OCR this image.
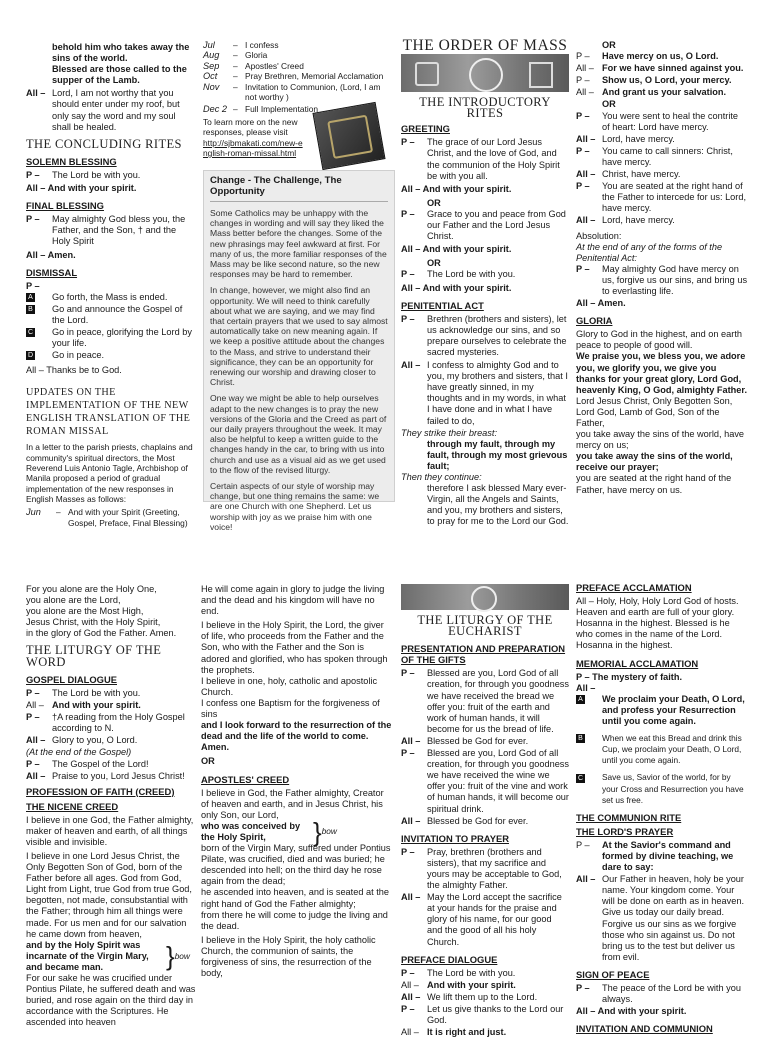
behold him who takes away the sins of the world.

Blessed are those called to the supper of the Lamb.

All – Lord, I am not worthy that you should enter under my roof, but only say the word and my soul shall be healed.
THE CONCLUDING RITES
SOLEMN BLESSING
P –	The Lord be with you.

All – And with your spirit.

FINAL BLESSING
P –	May almighty God bless you, the Father, and the Son, † and the Holy Spirit

All – Amen.

DISMISSAL

P –

A	Go forth, the Mass is ended.
B	Go and announce the Gospel of the Lord.
C	Go in peace, glorifying the Lord by your life.
D	Go in peace.

All – Thanks be to God.

UPDATES ON THE IMPLEMENTATION OF THE NEW ENGLISH TRANSLATION OF THE ROMAN MISSAL

In a letter to the parish priests, chaplains and community's spiritual directors, the Most Reverend Luis Antonio Tagle, Archbishop of Manila proposed a period of gradual implementation of the new responses in English Masses as follows:

Jun	– And with your Spirit (Greeting, Gospel, Preface, Final Blessing)
Jul	– I confess
Aug	– Gloria
Sep	– Apostles' Creed
Oct	– Pray Brethren, Memorial Acclamation
Nov	– Invitation to Communion, (Lord, I am not worthy )
Dec 2 – Full Implementation

To learn more on the new responses, please visit

http://sjbmakati.com/new-english-roman-missal.html

Change - The Challenge, The Opportunity

Some Catholics may be unhappy with the changes in wording and will say they liked the Mass better before the changes. Some of the new phrasings may feel awkward at first. For many of us, the more familiar responses of the Mass may be like second nature, so the new responses may be hard to remember.

In change, however, we might also find an opportunity. We will need to think carefully about what we are saying, and we may find that certain prayers that we used to say almost automatically take on new meaning again. If we keep a positive attitude about the changes to the Mass, and strive to understand their significance, they can be an opportunity for renewing our worship and drawing closer to Christ.

One way we might be able to help ourselves adapt to the new changes is to pray the new versions of the Gloria and the Creed as part of our daily prayers throughout the week. It may also be helpful to keep a written guide to the changes handy in the car, to bring with us into church and use as a visual aid as we get used to the flow of the revised liturgy.

Certain aspects of our style of worship may change, but one thing remains the same: we are one Church with one Shepherd. Let us worship with joy as we praise him with one voice!

THE ORDER OF MASS
THE INTRODUCTORY RITES
GREETING
P –	The grace of our Lord Jesus Christ, and the love of God, and the communion of the Holy Spirit be with you all.

All – And with your spirit.

OR

P –	Grace to you and peace from God our Father and the Lord Jesus Christ.

All – And with your spirit.

OR

P –	The Lord be with you.

All – And with your spirit.

PENITENTIAL ACT
P –	Brethren (brothers and sisters), let us acknowledge our sins, and so prepare ourselves to celebrate the sacred mysteries.
All – I confess to almighty God and to you, my brothers and sisters, that I have greatly sinned, in my thoughts and in my words, in what I have done and in what I have failed to do,

They strike their breast:

through my fault, through my fault, through my most grievous fault;

Then they continue:

therefore I ask blessed Mary ever-Virgin, all the Angels and Saints, and you, my brothers and sisters, to pray for me to the Lord our God.

OR

P –	Have mercy on us, O Lord.
All – For we have sinned against you.
P –	Show us, O Lord, your mercy.
All – And grant us your salvation.

OR

P –	You were sent to heal the contrite of heart: Lord have mercy.
All – Lord, have mercy.
P –	You came to call sinners: Christ, have mercy.
All – Christ, have mercy.
P –	You are seated at the right hand of the Father to intercede for us: Lord, have mercy.
All – Lord, have mercy.

Absolution:

At the end of any of the forms of the Penitential Act:

P –	May almighty God have mercy on us, forgive us our sins, and bring us to everlasting life.

All – Amen.

GLORIA

Glory to God in the highest, and on earth peace to people of good will.

We praise you, we bless you, we adore you, we glorify you, we give you thanks for your great glory, Lord God, heavenly King, O God, almighty Father.

Lord Jesus Christ, Only Begotten Son, Lord God, Lamb of God, Son of the Father,

you take away the sins of the world, have mercy on us;

you take away the sins of the world, receive our prayer;

you are seated at the right hand of the Father, have mercy on us.

For you alone are the Holy One,

you alone are the Lord,

you alone are the Most High,

Jesus Christ, with the Holy Spirit,

in the glory of God the Father. Amen.

THE LITURGY OF THE WORD
GOSPEL DIALOGUE
P –	The Lord be with you.
All – And with your spirit.
P –	†A reading from the Holy Gospel according to N.
All – Glory to you, O Lord.
(At the end of the Gospel)
P –	The Gospel of the Lord!
All – Praise to you, Lord Jesus Christ!
PROFESSION OF FAITH (CREED)
THE NICENE CREED

I believe in one God, the Father almighty, maker of heaven and earth, of all things visible and invisible.

I believe in one Lord Jesus Christ, the Only Begotten Son of God, born of the Father before all ages. God from God, Light from Light, true God from true God, begotten, not made, consubstantial with the Father; through him all things were made. For us men and for our salvation he came down from heaven,

and by the Holy Spirit was incarnate of the Virgin Mary, and became man.	} bow

For our sake he was crucified under Pontius Pilate, he suffered death and was buried, and rose again on the third day in accordance with the Scriptures. He ascended into heaven

He will come again in glory to judge the living and the dead and his kingdom will have no end.

I believe in the Holy Spirit, the Lord, the giver of life, who proceeds from the Father and the Son, who with the Father and the Son is adored and glorified, who has spoken through the prophets.

I believe in one, holy, catholic and apostolic Church.

I confess one Baptism for the forgiveness of sins

and I look forward to the resurrection of the dead and the life of the world to come. Amen.

OR

APOSTLES' CREED

I believe in God, the Father almighty, Creator of heaven and earth, and in Jesus Christ, his only Son, our Lord,

who was conceived by the Holy Spirit,	} bow

born of the Virgin Mary, suffered under Pontius Pilate, was crucified, died and was buried; he descended into hell; on the third day he rose again from the dead;

he ascended into heaven, and is seated at the right hand of God the Father almighty;

from there he will come to judge the living and the dead.

I believe in the Holy Spirit, the holy catholic Church, the communion of saints, the forgiveness of sins, the resurrection of the body,

THE LITURGY OF THE EUCHARIST
PRESENTATION AND PREPARATION OF THE GIFTS
P –	Blessed are you, Lord God of all creation, for through you goodness we have received the bread we offer you: fruit of the earth and work of human hands, it will become for us the bread of life.
All – Blessed be God for ever.
P –	Blessed are you, Lord God of all creation, for through you goodness we have received the wine we offer you: fruit of the vine and work of human hands, it will become our spiritual drink.
All – Blessed be God for ever.
INVITATION TO PRAYER
P –	Pray, brethren (brothers and sisters), that my sacrifice and yours may be acceptable to God, the almighty Father.
All – May the Lord accept the sacrifice at your hands for the praise and glory of his name, for our good and the good of all his holy Church.
PREFACE DIALOGUE
P –	The Lord be with you.
All – And with your spirit.
All – We lift them up to the Lord.
P –	Let us give thanks to the Lord our God.
All – It is right and just.
PREFACE ACCLAMATION

All – Holy, Holy, Holy Lord God of hosts. Heaven and earth are full of your glory. Hosanna in the highest. Blessed is he who comes in the name of the Lord. Hosanna in the highest.

MEMORIAL ACCLAMATION

P – The mystery of faith.

All –

A	We proclaim your Death, O Lord, and profess your Resurrection until you come again.
B	When we eat this Bread and drink this Cup, we proclaim your Death, O Lord, until you come again.
C	Save us, Savior of the world, for by your Cross and Resurrection you have set us free.
THE COMMUNION RITE
THE LORD'S PRAYER
P –	At the Savior's command and formed by divine teaching, we dare to say:
All – Our Father in heaven, holy be your name. Your kingdom come. Your will be done on earth as in heaven. Give us today our daily bread. Forgive us our sins as we forgive those who sin against us. Do not bring us to the test but deliver us from evil.
SIGN OF PEACE
P –	The peace of the Lord be with you always.

All – And with your spirit.

INVITATION AND COMMUNION
